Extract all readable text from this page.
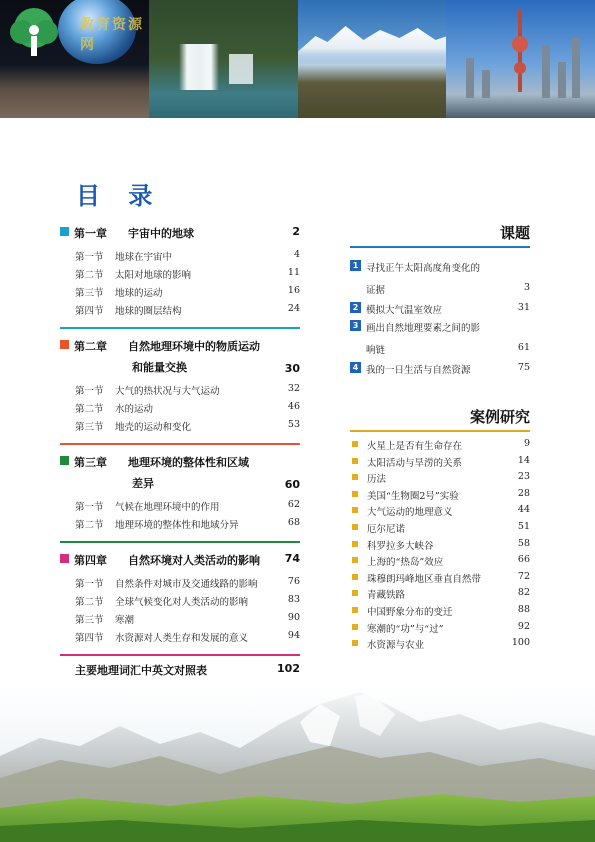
教育资源网
目 录
第一章 宇宙中的地球	2
第一节	地球在宇宙中	4
第二节	太阳对地球的影响	11
第三节	地球的运动	16
第四节	地球的圈层结构	24
第二章 自然地理环境中的物质运动
和能量交换	30
第一节	大气的热状况与大气运动	32
第二节	水的运动	46
第三节	地壳的运动和变化	53
第三章 地理环境的整体性和区域
差异	60
第一节	气候在地理环境中的作用	62
第二节	地理环境的整体性和地域分异	68
第四章 自然环境对人类活动的影响	74
第一节	自然条件对城市及交通线路的影响	76
第二节	全球气候变化对人类活动的影响	83
第三节	寒潮	90
第四节	水资源对人类生存和发展的意义	94
主要地理词汇中英文对照表	102
课题
1 寻找正午太阳高度角变化的
证据	3
2 模拟大气温室效应	31
3 画出自然地理要素之间的影
响链	61
4 我的一日生活与自然资源	75
案例研究
火星上是否有生命存在	9
太阳活动与旱涝的关系	14
历法	23
美国“生物圈2号”实验	28
大气运动的地理意义	44
厄尔尼诺	51
科罗拉多大峡谷	58
上海的“热岛”效应	66
珠穆朗玛峰地区垂直自然带	72
青藏铁路	82
中国野象分布的变迁	88
寒潮的“功”与“过”	92
水资源与农业	100
